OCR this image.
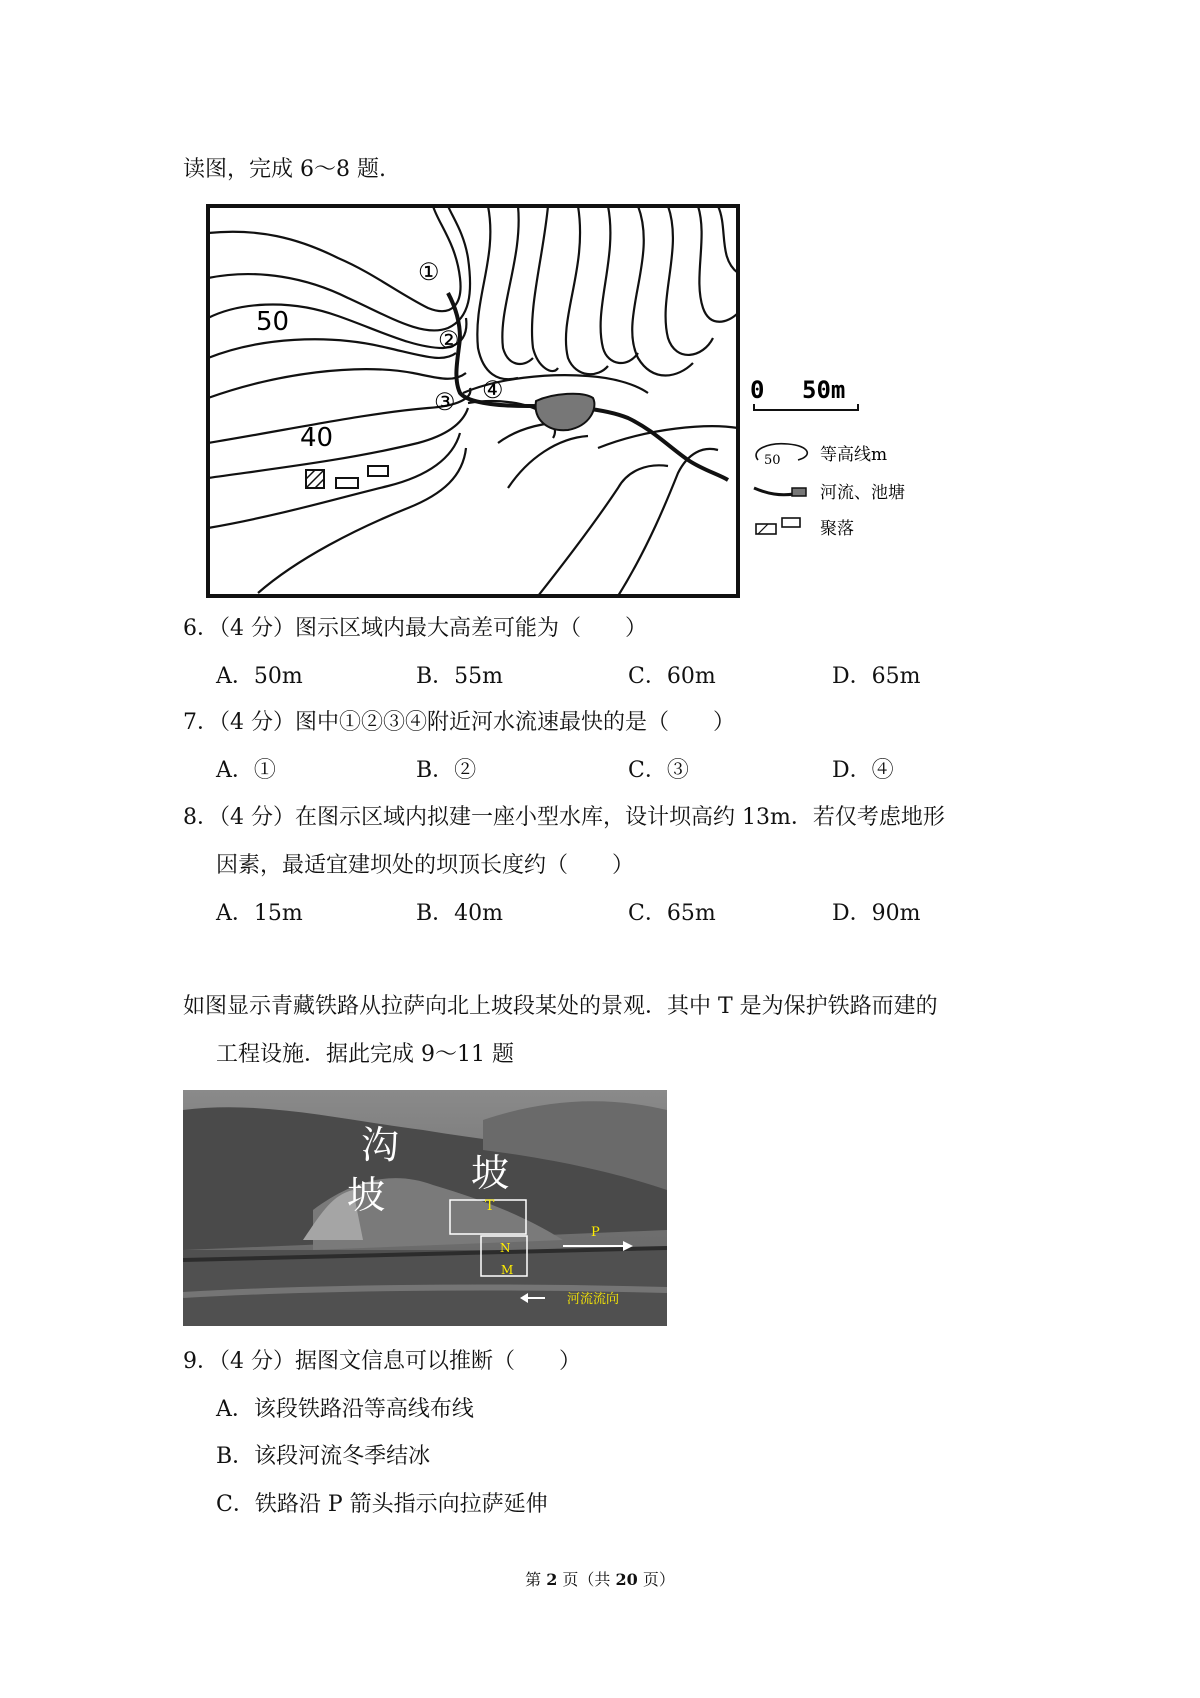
读图，完成 6～8 题.
50
40
①
②
③ ④	0 50m
50 等高线m
河流、池塘
聚落
6．（4 分）图示区域内最大高差可能为（　　）
A．50m	B．55m	C．60m	D．65m
7．（4 分）图中①②③④附近河水流速最快的是（　　）
A．①	B．②	C．③	D．④
8．（4 分）在图示区域内拟建一座小型水库，设计坝高约 13m．若仅考虑地形
因素，最适宜建坝处的坝顶长度约（　　）
A．15m	B．40m	C．65m	D．90m
如图显示青藏铁路从拉萨向北上坡段某处的景观．其中 T 是为保护铁路而建的
工程设施．据此完成 9～11 题
沟
坡 坡
T
N
M
P
河流流向
9．（4 分）据图文信息可以推断（　　）
A．该段铁路沿等高线布线
B．该段河流冬季结冰
C．铁路沿 P 箭头指示向拉萨延伸
第 2 页（共 20 页）
